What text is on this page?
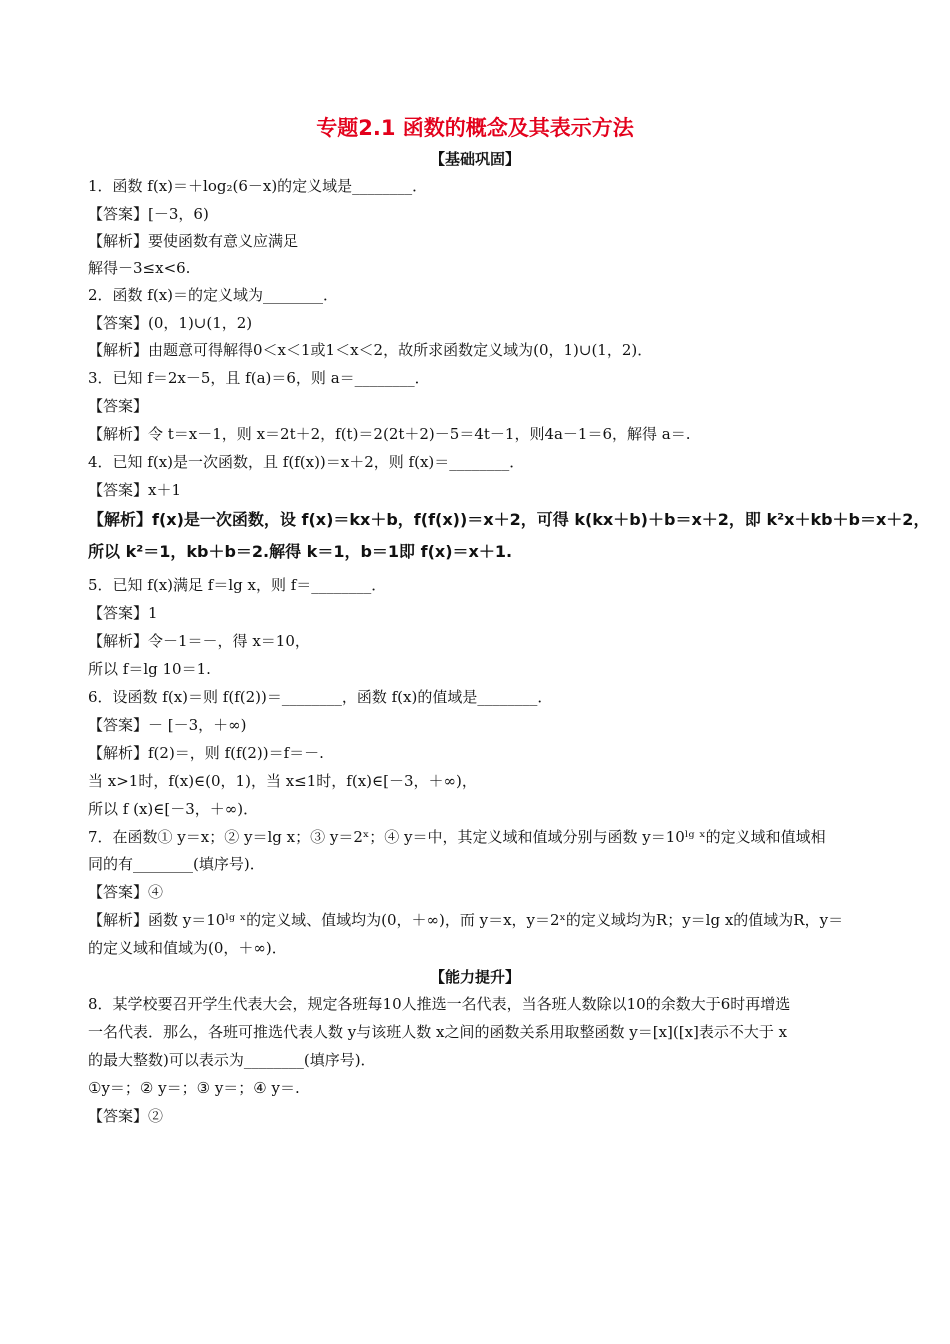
专题2.1 函数的概念及其表示方法
【基础巩固】
1．函数 f(x)＝＋log₂(6－x)的定义域是________．
【答案】[－3，6)
【解析】要使函数有意义应满足
解得－3≤x<6.
2．函数 f(x)＝的定义域为________．
【答案】(0，1)∪(1，2)
【解析】由题意可得解得0＜x＜1或1＜x＜2，故所求函数定义域为(0，1)∪(1，2)．
3．已知 f＝2x－5，且 f(a)＝6，则 a＝________．
【答案】
【解析】令 t＝x－1，则 x＝2t＋2，f(t)＝2(2t＋2)－5＝4t－1，则4a－1＝6，解得 a＝.
4．已知 f(x)是一次函数，且 f(f(x))＝x＋2，则 f(x)＝________．
【答案】x＋1
【解析】f(x)是一次函数，设 f(x)＝kx＋b，f(f(x))＝x＋2，可得 k(kx＋b)＋b＝x＋2，即 k²x＋kb＋b＝x＋2，
所以 k²＝1，kb＋b＝2.解得 k＝1，b＝1即 f(x)＝x＋1.
5．已知 f(x)满足 f＝lg x，则 f＝________．
【答案】1
【解析】令－1＝－，得 x＝10，
所以 f＝lg 10＝1.
6．设函数 f(x)＝则 f(f(2))＝________，函数 f(x)的值域是________．
【答案】－ [－3，＋∞)
【解析】f(2)＝，则 f(f(2))＝f＝－.
当 x>1时，f(x)∈(0，1)，当 x≤1时，f(x)∈[－3，＋∞)，
所以 f (x)∈[－3，＋∞)．
7．在函数① y＝x；② y＝lg x；③ y＝2ˣ；④ y＝中，其定义域和值域分别与函数 y＝10ˡᵍ ˣ的定义域和值域相
同的有________(填序号)．
【答案】④
【解析】函数 y＝10ˡᵍ ˣ的定义域、值域均为(0，＋∞)，而 y＝x，y＝2ˣ的定义域均为R；y＝lg x的值域为R，y＝
的定义域和值域为(0，＋∞)．
【能力提升】
8．某学校要召开学生代表大会，规定各班每10人推选一名代表，当各班人数除以10的余数大于6时再增选
一名代表．那么，各班可推选代表人数 y与该班人数 x之间的函数关系用取整函数 y＝[x]([x]表示不大于 x
的最大整数)可以表示为________(填序号)．
①y＝；② y＝；③ y＝；④ y＝.
【答案】②
